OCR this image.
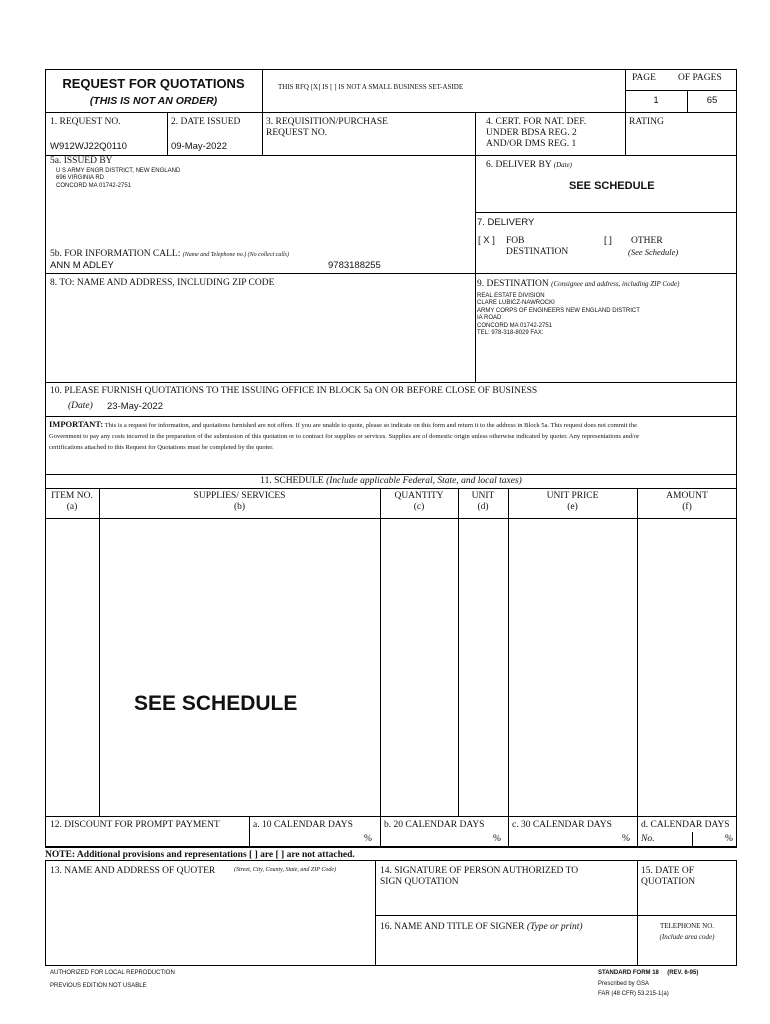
REQUEST FOR QUOTATIONS
(THIS IS NOT AN ORDER)
THIS RFQ [X] IS [ ] IS NOT A SMALL BUSINESS SET-ASIDE
PAGE OF PAGES
1	65
1. REQUEST NO.
W912WJ22Q0110
2. DATE ISSUED
09-May-2022
3. REQUISITION/PURCHASE
REQUEST NO.
4. CERT. FOR NAT. DEF.
UNDER BDSA REG. 2
AND/OR DMS REG. 1
RATING
5a. ISSUED BY
U S ARMY ENGR DISTRICT, NEW ENGLAND
696 VIRGINIA RD
CONCORD MA 01742-2751
6. DELIVER BY (Date)
SEE SCHEDULE
7. DELIVERY
[ X ] FOB
DESTINATION
[ ] OTHER
(See Schedule)
5b. FOR INFORMATION CALL: (Name and Telephone no.) (No collect calls)
ANN M ADLEY	9783188255
8. TO: NAME AND ADDRESS, INCLUDING ZIP CODE	9. DESTINATION (Consignee and address, including ZIP Code)
REAL ESTATE DIVISION
CLARE LUBICZ-NAWROCKI
ARMY CORPS OF ENGINEERS NEW ENGLAND DISTRICT
IA ROAD
CONCORD MA 01742-2751
TEL: 978-318-8029 FAX:
10. PLEASE FURNISH QUOTATIONS TO THE ISSUING OFFICE IN BLOCK 5a ON OR BEFORE CLOSE OF BUSINESS
(Date) 23-May-2022
IMPORTANT: This is a request for information, and quotations furnished are not offers. If you are unable to quote, please so indicate on this form and return it to the address in Block 5a. This request does not commit the Government to pay any costs incurred in the preparation of the submission of this quotation or to contract for supplies or services. Supplies are of domestic origin unless otherwise indicated by quoter. Any representations and/or certifications attached to this Request for Quotations must be completed by the quoter.
11. SCHEDULE (Include applicable Federal, State, and local taxes)
ITEM NO.
(a)
SUPPLIES/ SERVICES
(b)
QUANTITY
(c)
UNIT
(d)
UNIT PRICE
(e)
AMOUNT
(f)
SEE SCHEDULE
12. DISCOUNT FOR PROMPT PAYMENT	a. 10 CALENDAR DAYS
%
b. 20 CALENDAR DAYS
%
c. 30 CALENDAR DAYS
%
d. CALENDAR DAYS
No.	%
NOTE: Additional provisions and representations [ ] are [ ] are not attached.
13. NAME AND ADDRESS OF QUOTER	(Street, City, County, State, and ZIP Code)	14. SIGNATURE OF PERSON AUTHORIZED TO
SIGN QUOTATION
15. DATE OF
QUOTATION
16. NAME AND TITLE OF SIGNER (Type or print)	TELEPHONE NO.
(Include area code)
AUTHORIZED FOR LOCAL REPRODUCTION
PREVIOUS EDITION NOT USABLE
STANDARD FORM 18     (REV. 6-95)
Prescribed by GSA
FAR (48 CFR) 53.215-1(a)
